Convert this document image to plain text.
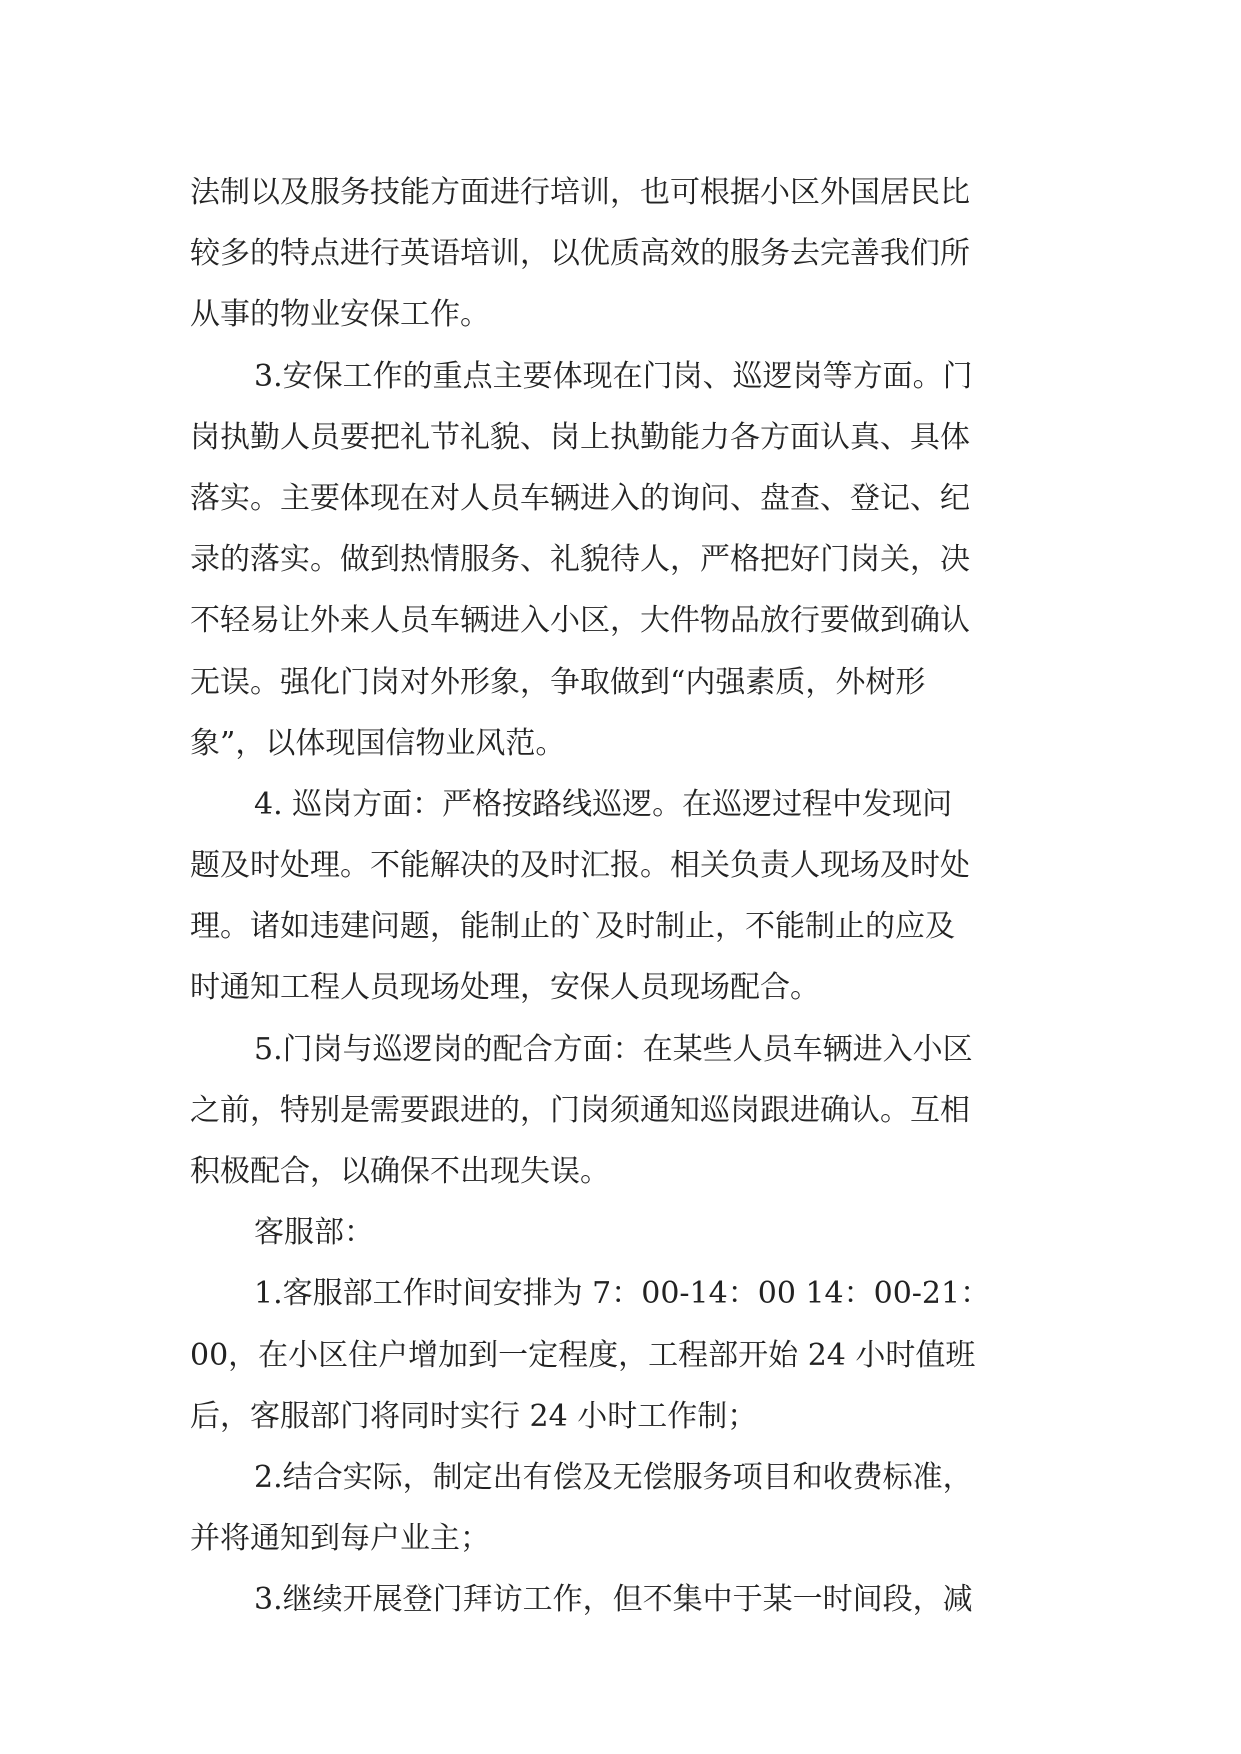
法制以及服务技能方面进行培训，也可根据小区外国居民比
较多的特点进行英语培训，以优质高效的服务去完善我们所
从事的物业安保工作。
3.安保工作的重点主要体现在门岗、巡逻岗等方面。门
岗执勤人员要把礼节礼貌、岗上执勤能力各方面认真、具体
落实。主要体现在对人员车辆进入的询问、盘查、登记、纪
录的落实。做到热情服务、礼貌待人，严格把好门岗关，决
不轻易让外来人员车辆进入小区，大件物品放行要做到确认
无误。强化门岗对外形象，争取做到“内强素质，外树形
象”，以体现国信物业风范。
4. 巡岗方面：严格按路线巡逻。在巡逻过程中发现问
题及时处理。不能解决的及时汇报。相关负责人现场及时处
理。诸如违建问题，能制止的`及时制止，不能制止的应及
时通知工程人员现场处理，安保人员现场配合。
5.门岗与巡逻岗的配合方面：在某些人员车辆进入小区
之前，特别是需要跟进的，门岗须通知巡岗跟进确认。互相
积极配合，以确保不出现失误。
客服部：
1.客服部工作时间安排为 7：00-14：00 14：00-21：
00，在小区住户增加到一定程度，工程部开始 24 小时值班
后，客服部门将同时实行 24 小时工作制；
2.结合实际，制定出有偿及无偿服务项目和收费标准，
并将通知到每户业主；
3.继续开展登门拜访工作，但不集中于某一时间段，减
